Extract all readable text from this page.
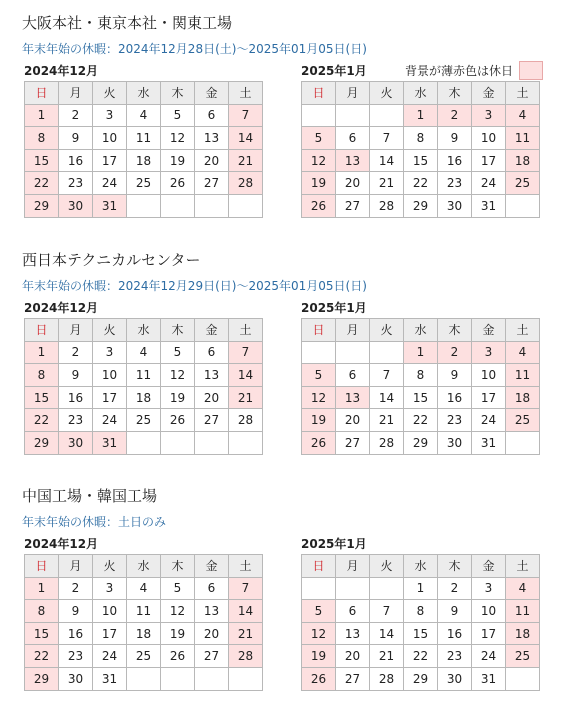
背景が薄赤色は休日
大阪本社・東京本社・関東工場
年末年始の休暇：2024年12月28日(土)〜2025年01月05日(日)
2024年12月
日	月	火	水	木	金	土
1	2	3	4	5	6	7
8	9	10	11	12	13	14
15	16	17	18	19	20	21
22	23	24	25	26	27	28
29	30	31				
2025年1月
日	月	火	水	木	金	土
			1	2	3	4
5	6	7	8	9	10	11
12	13	14	15	16	17	18
19	20	21	22	23	24	25
26	27	28	29	30	31	
西日本テクニカルセンター
年末年始の休暇：2024年12月29日(日)〜2025年01月05日(日)
2024年12月
日	月	火	水	木	金	土
1	2	3	4	5	6	7
8	9	10	11	12	13	14
15	16	17	18	19	20	21
22	23	24	25	26	27	28
29	30	31				
2025年1月
日	月	火	水	木	金	土
			1	2	3	4
5	6	7	8	9	10	11
12	13	14	15	16	17	18
19	20	21	22	23	24	25
26	27	28	29	30	31	
中国工場・韓国工場
年末年始の休暇：土日のみ
2024年12月
日	月	火	水	木	金	土
1	2	3	4	5	6	7
8	9	10	11	12	13	14
15	16	17	18	19	20	21
22	23	24	25	26	27	28
29	30	31				
2025年1月
日	月	火	水	木	金	土
			1	2	3	4
5	6	7	8	9	10	11
12	13	14	15	16	17	18
19	20	21	22	23	24	25
26	27	28	29	30	31	
